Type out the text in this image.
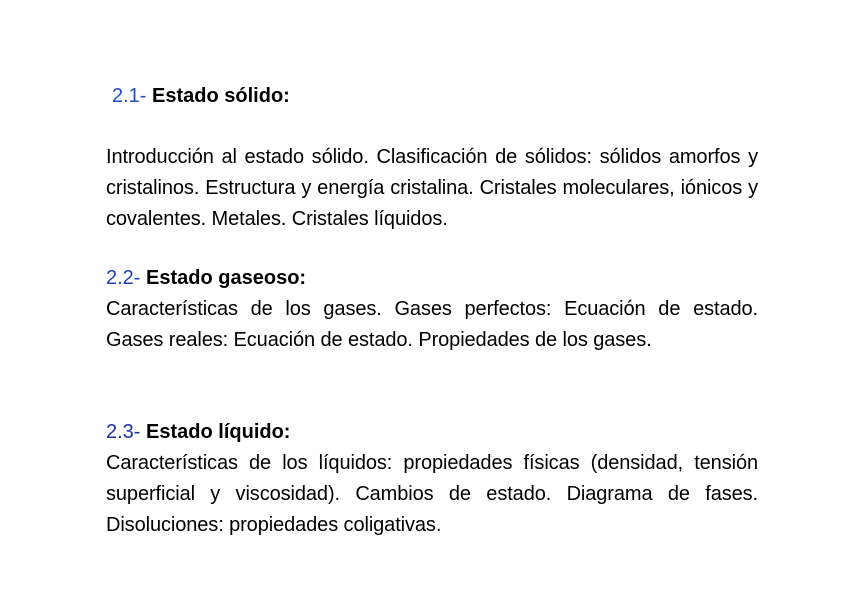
2.1- Estado sólido:
Introducción al estado sólido. Clasificación de sólidos: sólidos amorfos y cristalinos. Estructura y energía cristalina. Cristales moleculares, iónicos y covalentes. Metales. Cristales líquidos.
2.2- Estado gaseoso:
Características de los gases. Gases perfectos: Ecuación de estado. Gases reales: Ecuación de estado. Propiedades de los gases.
2.3- Estado líquido:
Características de los líquidos: propiedades físicas (densidad, tensión superficial y viscosidad). Cambios de estado. Diagrama de fases. Disoluciones: propiedades coligativas.
